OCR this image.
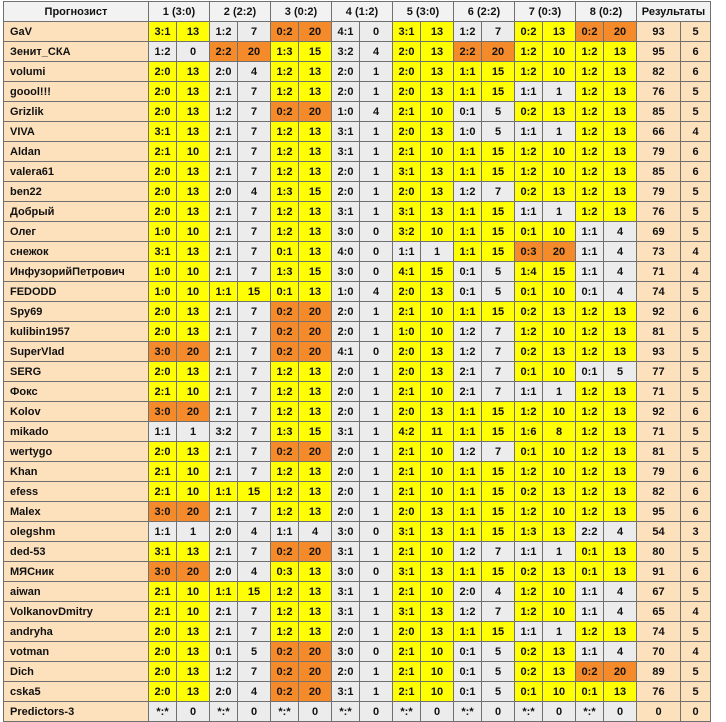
Прогнозист	1 (3:0)		2 (2:2)		3 (0:2)		4 (1:2)		5 (3:0)		6 (2:2)		7 (0:3)		8 (0:2)		Результаты	
GaV	3:1	13	1:2	7	0:2	20	4:1	0	3:1	13	1:2	7	0:2	13	0:2	20	93	5
Зенит_СКА	1:2	0	2:2	20	1:3	15	3:2	4	2:0	13	2:2	20	1:2	10	1:2	13	95	6
volumi	2:0	13	2:0	4	1:2	13	2:0	1	2:0	13	1:1	15	1:2	10	1:2	13	82	6
goool!!!	2:0	13	2:1	7	1:2	13	2:0	1	2:0	13	1:1	15	1:1	1	1:2	13	76	5
Grizlik	2:0	13	1:2	7	0:2	20	1:0	4	2:1	10	0:1	5	0:2	13	1:2	13	85	5
VIVA	3:1	13	2:1	7	1:2	13	3:1	1	2:0	13	1:0	5	1:1	1	1:2	13	66	4
Aldan	2:1	10	2:1	7	1:2	13	3:1	1	2:1	10	1:1	15	1:2	10	1:2	13	79	6
valera61	2:0	13	2:1	7	1:2	13	2:0	1	3:1	13	1:1	15	1:2	10	1:2	13	85	6
ben22	2:0	13	2:0	4	1:3	15	2:0	1	2:0	13	1:2	7	0:2	13	1:2	13	79	5
Добрый	2:0	13	2:1	7	1:2	13	3:1	1	3:1	13	1:1	15	1:1	1	1:2	13	76	5
Олег	1:0	10	2:1	7	1:2	13	3:0	0	3:2	10	1:1	15	0:1	10	1:1	4	69	5
снежок	3:1	13	2:1	7	0:1	13	4:0	0	1:1	1	1:1	15	0:3	20	1:1	4	73	4
ИнфузорийПетрович	1:0	10	2:1	7	1:3	15	3:0	0	4:1	15	0:1	5	1:4	15	1:1	4	71	4
FEDODD	1:0	10	1:1	15	0:1	13	1:0	4	2:0	13	0:1	5	0:1	10	0:1	4	74	5
Spy69	2:0	13	2:1	7	0:2	20	2:0	1	2:1	10	1:1	15	0:2	13	1:2	13	92	6
kulibin1957	2:0	13	2:1	7	0:2	20	2:0	1	1:0	10	1:2	7	1:2	10	1:2	13	81	5
SuperVlad	3:0	20	2:1	7	0:2	20	4:1	0	2:0	13	1:2	7	0:2	13	1:2	13	93	5
SERG	2:0	13	2:1	7	1:2	13	2:0	1	2:0	13	2:1	7	0:1	10	0:1	5	77	5
Фокс	2:1	10	2:1	7	1:2	13	2:0	1	2:1	10	2:1	7	1:1	1	1:2	13	71	5
Kolov	3:0	20	2:1	7	1:2	13	2:0	1	2:0	13	1:1	15	1:2	10	1:2	13	92	6
mikado	1:1	1	3:2	7	1:3	15	3:1	1	4:2	11	1:1	15	1:6	8	1:2	13	71	5
wertygo	2:0	13	2:1	7	0:2	20	2:0	1	2:1	10	1:2	7	0:1	10	1:2	13	81	5
Khan	2:1	10	2:1	7	1:2	13	2:0	1	2:1	10	1:1	15	1:2	10	1:2	13	79	6
efess	2:1	10	1:1	15	1:2	13	2:0	1	2:1	10	1:1	15	0:2	13	1:2	13	82	6
Malex	3:0	20	2:1	7	1:2	13	2:0	1	2:0	13	1:1	15	1:2	10	1:2	13	95	6
olegshm	1:1	1	2:0	4	1:1	4	3:0	0	3:1	13	1:1	15	1:3	13	2:2	4	54	3
ded-53	3:1	13	2:1	7	0:2	20	3:1	1	2:1	10	1:2	7	1:1	1	0:1	13	80	5
МЯСник	3:0	20	2:0	4	0:3	13	3:0	0	3:1	13	1:1	15	0:2	13	0:1	13	91	6
aiwan	2:1	10	1:1	15	1:2	13	3:1	1	2:1	10	2:0	4	1:2	10	1:1	4	67	5
VolkanovDmitry	2:1	10	2:1	7	1:2	13	3:1	1	3:1	13	1:2	7	1:2	10	1:1	4	65	4
andryha	2:0	13	2:1	7	1:2	13	2:0	1	2:0	13	1:1	15	1:1	1	1:2	13	74	5
votman	2:0	13	0:1	5	0:2	20	3:0	0	2:1	10	0:1	5	0:2	13	1:1	4	70	4
Dich	2:0	13	1:2	7	0:2	20	2:0	1	2:1	10	0:1	5	0:2	13	0:2	20	89	5
cska5	2:0	13	2:0	4	0:2	20	3:1	1	2:1	10	0:1	5	0:1	10	0:1	13	76	5
Predictors-3	*:*	0	*:*	0	*:*	0	*:*	0	*:*	0	*:*	0	*:*	0	*:*	0	0	0
